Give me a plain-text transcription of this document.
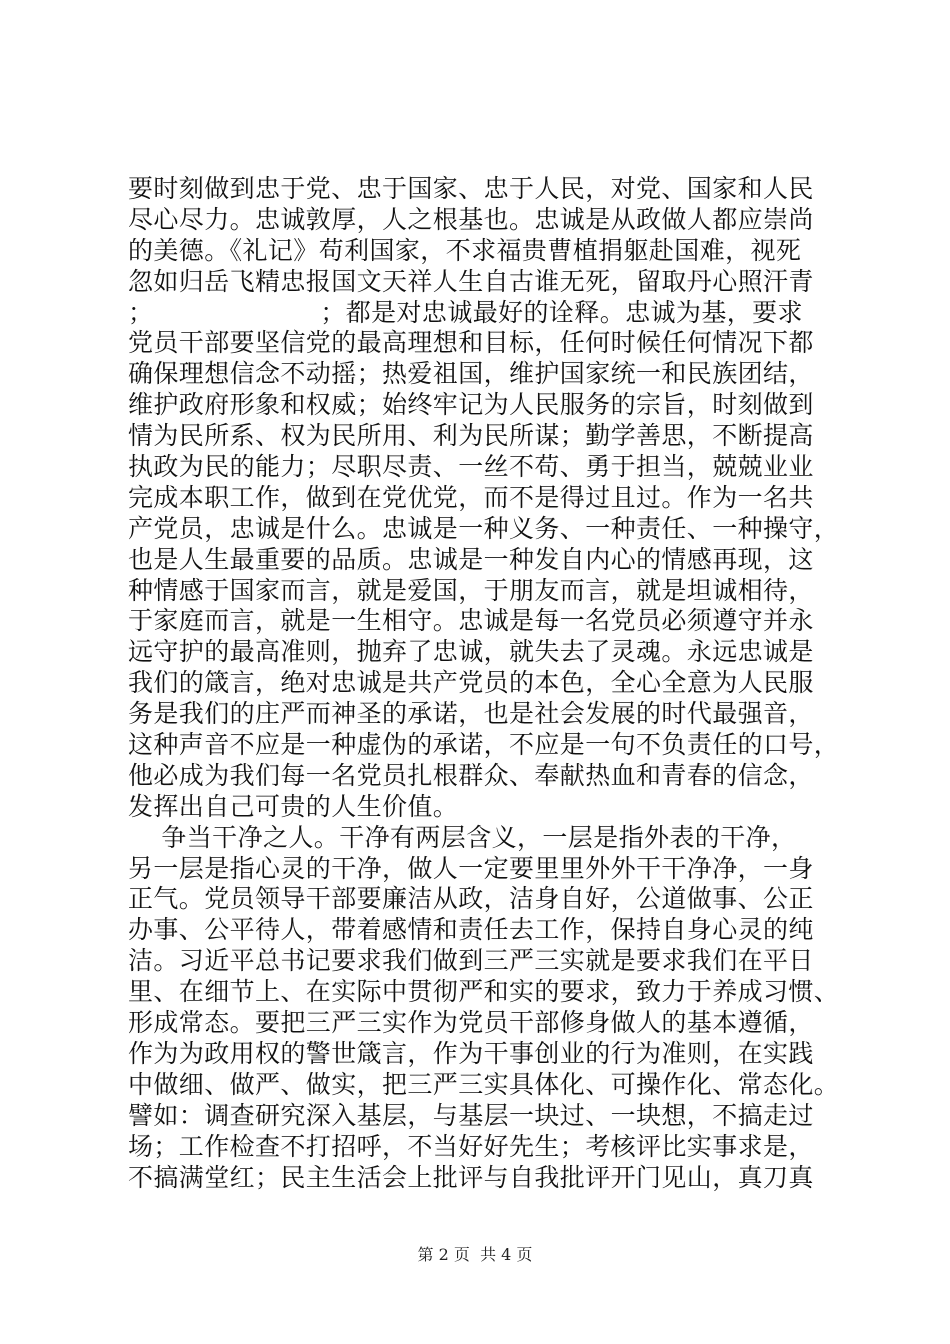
要时刻做到忠于党、忠于国家、忠于人民，对党、国家和人民
尽心尽力。忠诚敦厚，人之根基也。忠诚是从政做人都应崇尚
的美德。《礼记》苟利国家，不求福贵曹植捐躯赴国难，视死
忽如归岳飞精忠报国文天祥人生自古谁无死，留取丹心照汗青
；                    ；都是对忠诚最好的诠释。忠诚为基，要求
党员干部要坚信党的最高理想和目标，任何时候任何情况下都
确保理想信念不动摇；热爱祖国，维护国家统一和民族团结，
维护政府形象和权威；始终牢记为人民服务的宗旨，时刻做到
情为民所系、权为民所用、利为民所谋；勤学善思，不断提高
执政为民的能力；尽职尽责、一丝不苟、勇于担当，兢兢业业
完成本职工作，做到在党优党，而不是得过且过。作为一名共
产党员，忠诚是什么。忠诚是一种义务、一种责任、一种操守，
也是人生最重要的品质。忠诚是一种发自内心的情感再现，这
种情感于国家而言，就是爱国，于朋友而言，就是坦诚相待，
于家庭而言，就是一生相守。忠诚是每一名党员必须遵守并永
远守护的最高准则，抛弃了忠诚，就失去了灵魂。永远忠诚是
我们的箴言，绝对忠诚是共产党员的本色，全心全意为人民服
务是我们的庄严而神圣的承诺，也是社会发展的时代最强音，
这种声音不应是一种虚伪的承诺，不应是一句不负责任的口号，
他必成为我们每一名党员扎根群众、奉献热血和青春的信念，
发挥出自己可贵的人生价值。
争当干净之人。干净有两层含义，一层是指外表的干净，
另一层是指心灵的干净，做人一定要里里外外干干净净，一身
正气。党员领导干部要廉洁从政，洁身自好，公道做事、公正
办事、公平待人，带着感情和责任去工作，保持自身心灵的纯
洁。习近平总书记要求我们做到三严三实就是要求我们在平日
里、在细节上、在实际中贯彻严和实的要求，致力于养成习惯、
形成常态。要把三严三实作为党员干部修身做人的基本遵循，
作为为政用权的警世箴言，作为干事创业的行为准则，在实践
中做细、做严、做实，把三严三实具体化、可操作化、常态化。
譬如：调查研究深入基层，与基层一块过、一块想，不搞走过
场；工作检查不打招呼，不当好好先生；考核评比实事求是，
不搞满堂红；民主生活会上批评与自我批评开门见山，真刀真
第 2 页  共 4 页
